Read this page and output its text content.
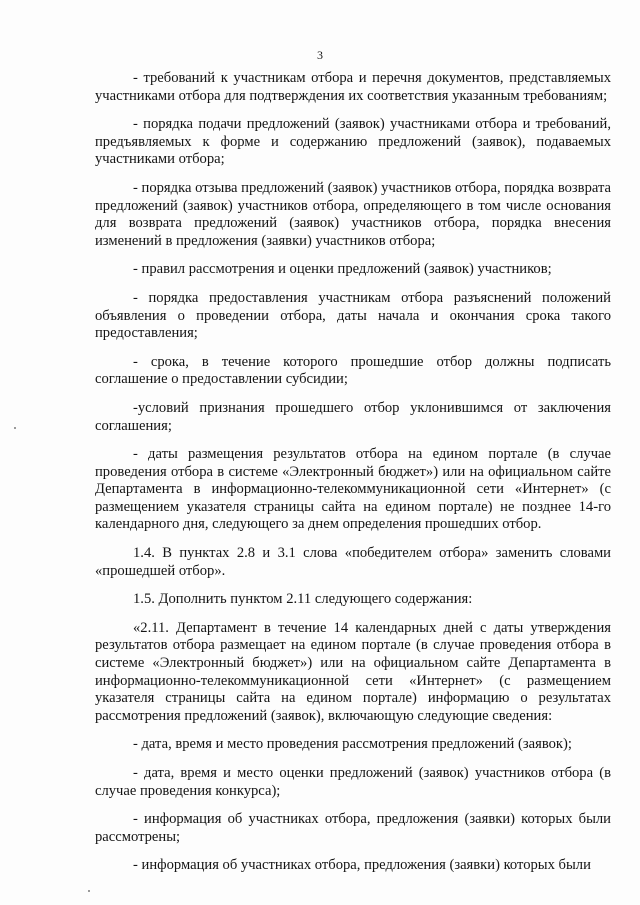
3

- требований к участникам отбора и перечня документов, представляемых участниками отбора для подтверждения их соответствия указанным требованиям;

- порядка подачи предложений (заявок) участниками отбора и требований, предъявляемых к форме и содержанию предложений (заявок), подаваемых участниками отбора;

- порядка отзыва предложений (заявок) участников отбора, порядка возврата предложений (заявок) участников отбора, определяющего в том числе основания для возврата предложений (заявок) участников отбора, порядка внесения изменений в предложения (заявки) участников отбора;

- правил рассмотрения и оценки предложений (заявок) участников;

- порядка предоставления участникам отбора разъяснений положений объявления о проведении отбора, даты начала и окончания срока такого предоставления;

- срока, в течение которого прошедшие отбор должны подписать соглашение о предоставлении субсидии;

-условий признания прошедшего отбор уклонившимся от заключения соглашения;

- даты размещения результатов отбора на едином портале (в случае проведения отбора в системе «Электронный бюджет») или на официальном сайте Департамента в информационно-телекоммуникационной сети «Интернет» (с размещением указателя страницы сайта на едином портале) не позднее 14-го календарного дня, следующего за днем определения прошедших отбор.

1.4. В пунктах 2.8 и 3.1 слова «победителем отбора» заменить словами «прошедшей отбор».

1.5. Дополнить пунктом 2.11 следующего содержания:

«2.11. Департамент в течение 14 календарных дней с даты утверждения результатов отбора размещает на едином портале (в случае проведения отбора в системе «Электронный бюджет») или на официальном сайте Департамента в информационно-телекоммуникационной сети «Интернет» (с размещением указателя страницы сайта на едином портале) информацию о результатах рассмотрения предложений (заявок), включающую следующие сведения:

- дата, время и место проведения рассмотрения предложений (заявок);

- дата, время и место оценки предложений (заявок) участников отбора (в случае проведения конкурса);

- информация об участниках отбора, предложения (заявки) которых были рассмотрены;

- информация об участниках отбора, предложения (заявки) которых были
